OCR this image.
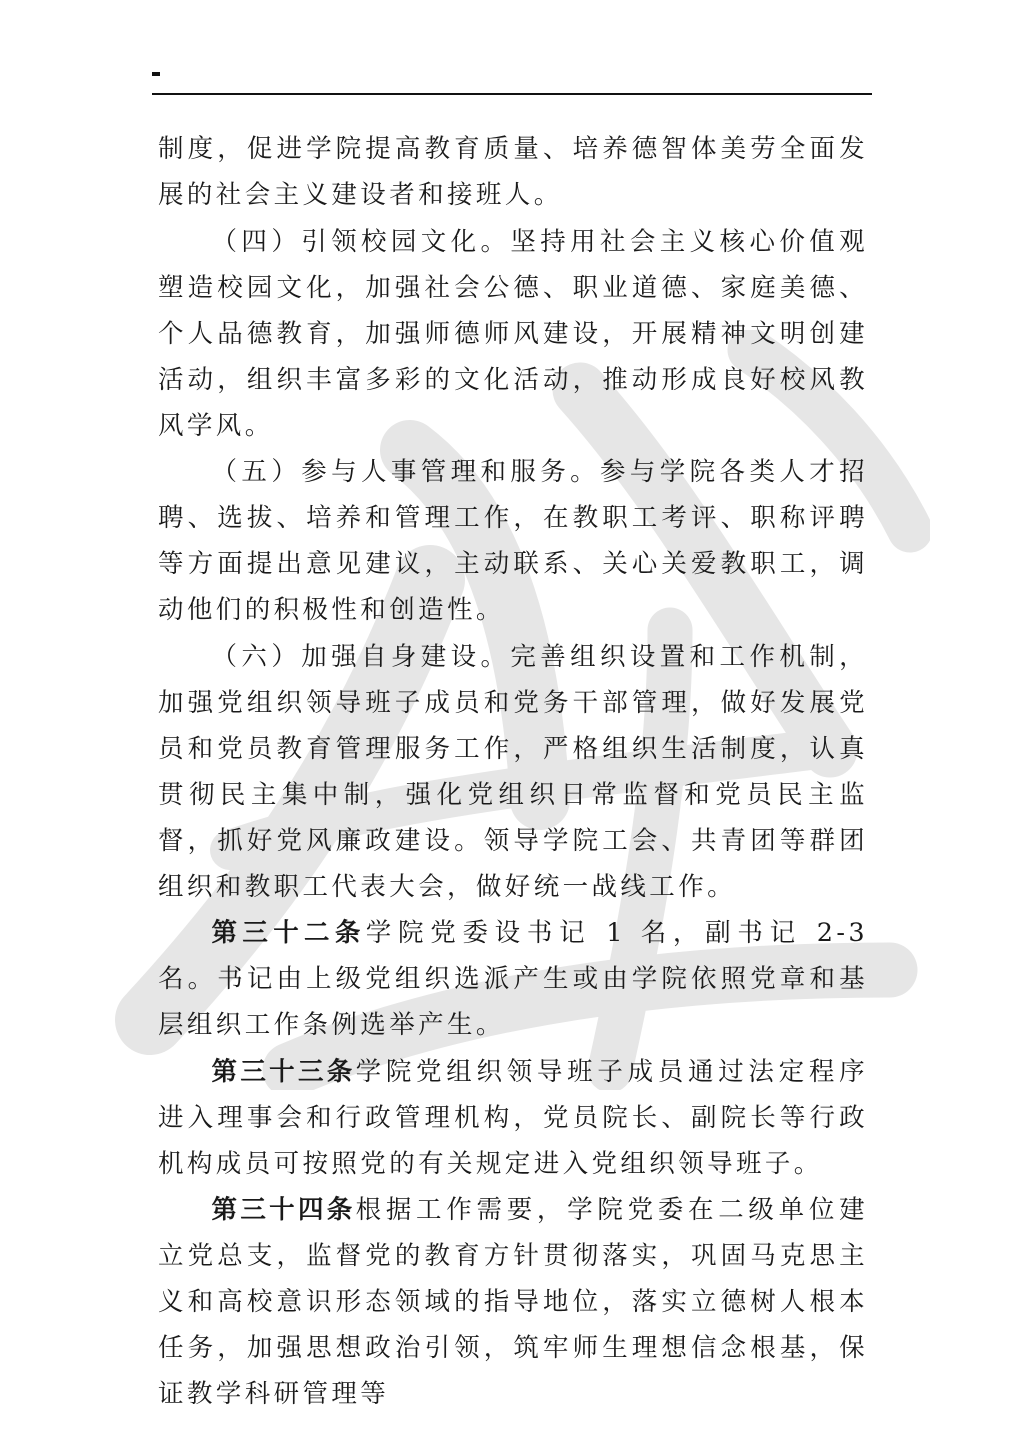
制度，促进学院提高教育质量、培养德智体美劳全面发展的社会主义建设者和接班人。

（四）引领校园文化。坚持用社会主义核心价值观塑造校园文化，加强社会公德、职业道德、家庭美德、个人品德教育，加强师德师风建设，开展精神文明创建活动，组织丰富多彩的文化活动，推动形成良好校风教风学风。

（五）参与人事管理和服务。参与学院各类人才招聘、选拔、培养和管理工作，在教职工考评、职称评聘等方面提出意见建议，主动联系、关心关爱教职工，调动他们的积极性和创造性。

（六）加强自身建设。完善组织设置和工作机制，加强党组织领导班子成员和党务干部管理，做好发展党员和党员教育管理服务工作，严格组织生活制度，认真贯彻民主集中制，强化党组织日常监督和党员民主监督，抓好党风廉政建设。领导学院工会、共青团等群团组织和教职工代表大会，做好统一战线工作。

第三十二条学院党委设书记 1 名，副书记 2-3 名。书记由上级党组织选派产生或由学院依照党章和基层组织工作条例选举产生。

第三十三条学院党组织领导班子成员通过法定程序进入理事会和行政管理机构，党员院长、副院长等行政机构成员可按照党的有关规定进入党组织领导班子。

第三十四条根据工作需要，学院党委在二级单位建立党总支，监督党的教育方针贯彻落实，巩固马克思主义和高校意识形态领域的指导地位，落实立德树人根本任务，加强思想政治引领，筑牢师生理想信念根基，保证教学科研管理等
